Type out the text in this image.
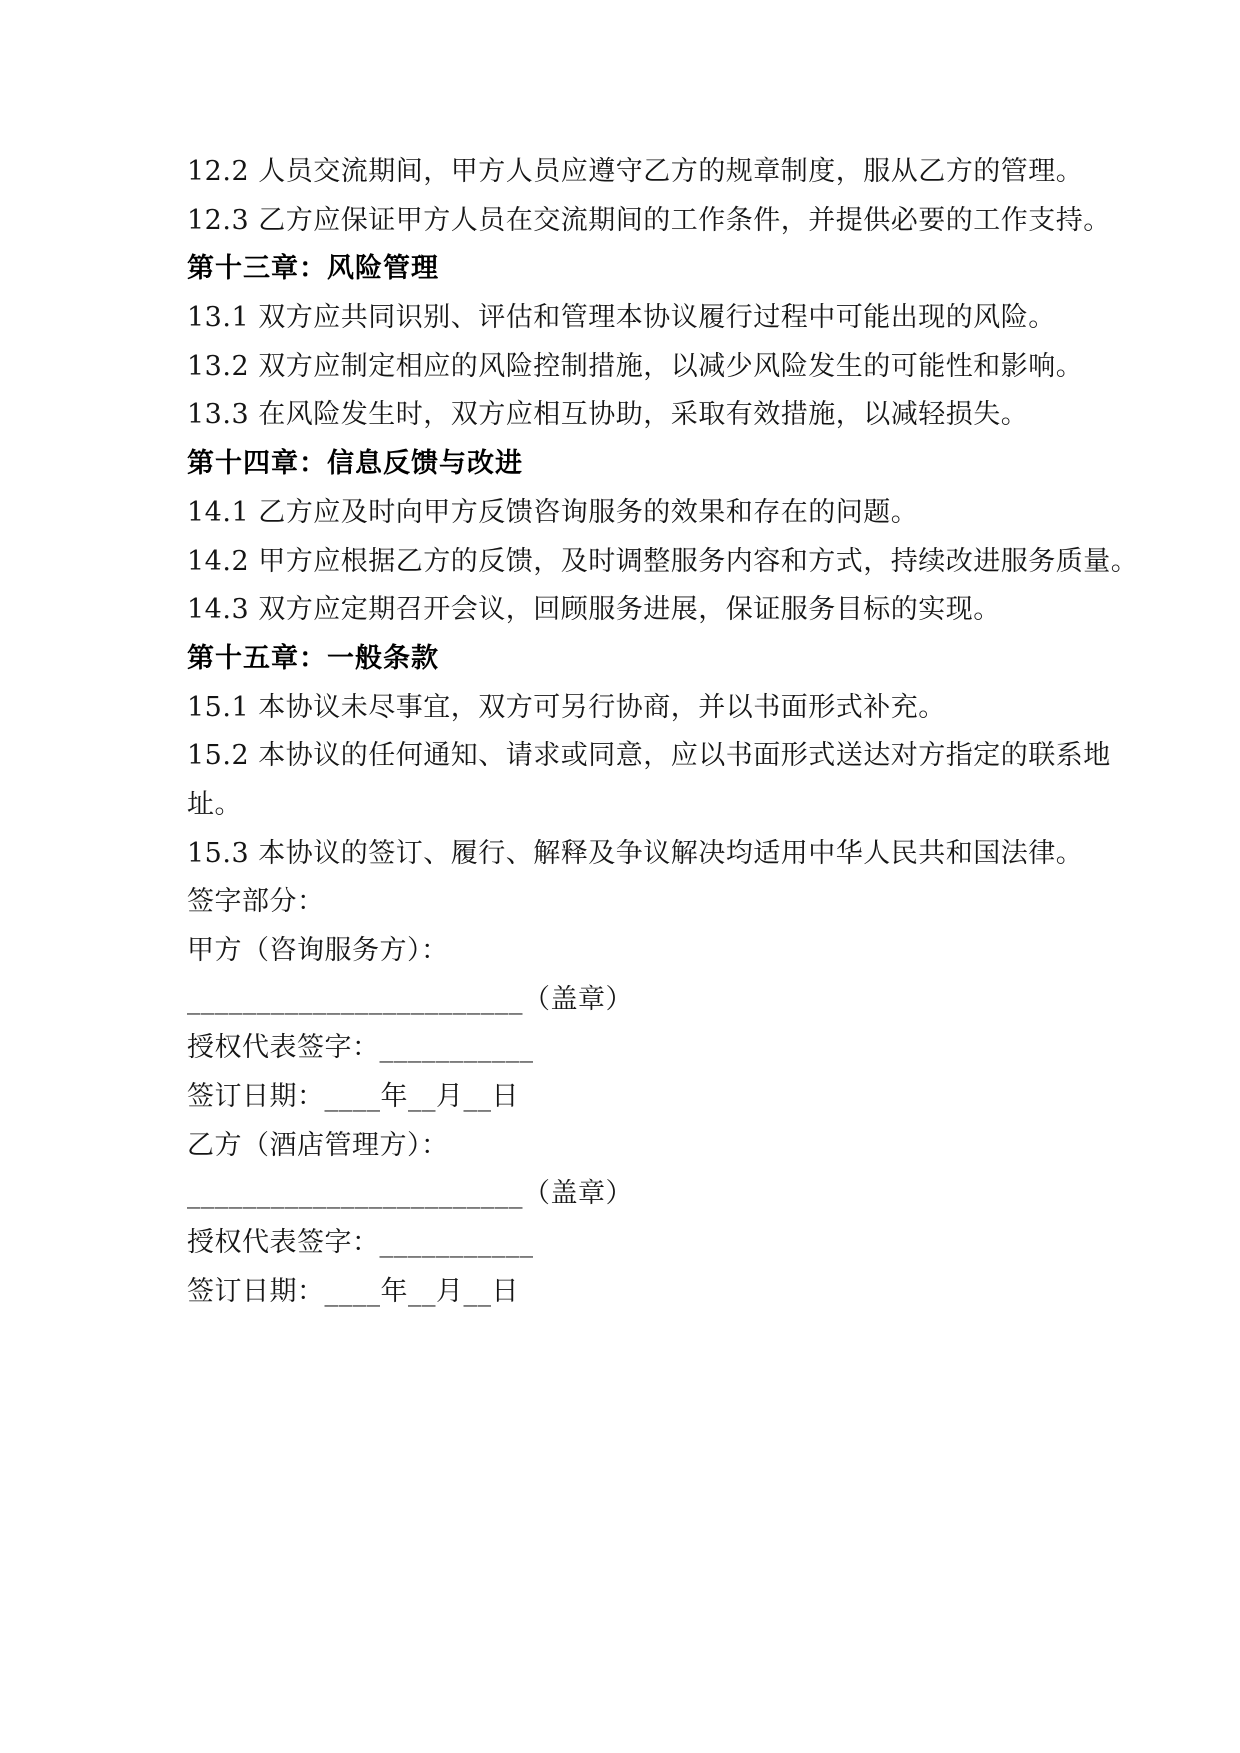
12.2 人员交流期间，甲方人员应遵守乙方的规章制度，服从乙方的管理。
12.3 乙方应保证甲方人员在交流期间的工作条件，并提供必要的工作支持。
第十三章：风险管理
13.1 双方应共同识别、评估和管理本协议履行过程中可能出现的风险。
13.2 双方应制定相应的风险控制措施，以减少风险发生的可能性和影响。
13.3 在风险发生时，双方应相互协助，采取有效措施，以减轻损失。
第十四章：信息反馈与改进
14.1 乙方应及时向甲方反馈咨询服务的效果和存在的问题。
14.2 甲方应根据乙方的反馈，及时调整服务内容和方式，持续改进服务质量。
14.3 双方应定期召开会议，回顾服务进展，保证服务目标的实现。
第十五章：一般条款
15.1 本协议未尽事宜，双方可另行协商，并以书面形式补充。
15.2 本协议的任何通知、请求或同意，应以书面形式送达对方指定的联系地
址。
15.3 本协议的签订、履行、解释及争议解决均适用中华人民共和国法律。
签字部分：
甲方（咨询服务方）：
________________________（盖章）
授权代表签字：___________
签订日期：____年__月__日
乙方（酒店管理方）：
________________________（盖章）
授权代表签字：___________
签订日期：____年__月__日
